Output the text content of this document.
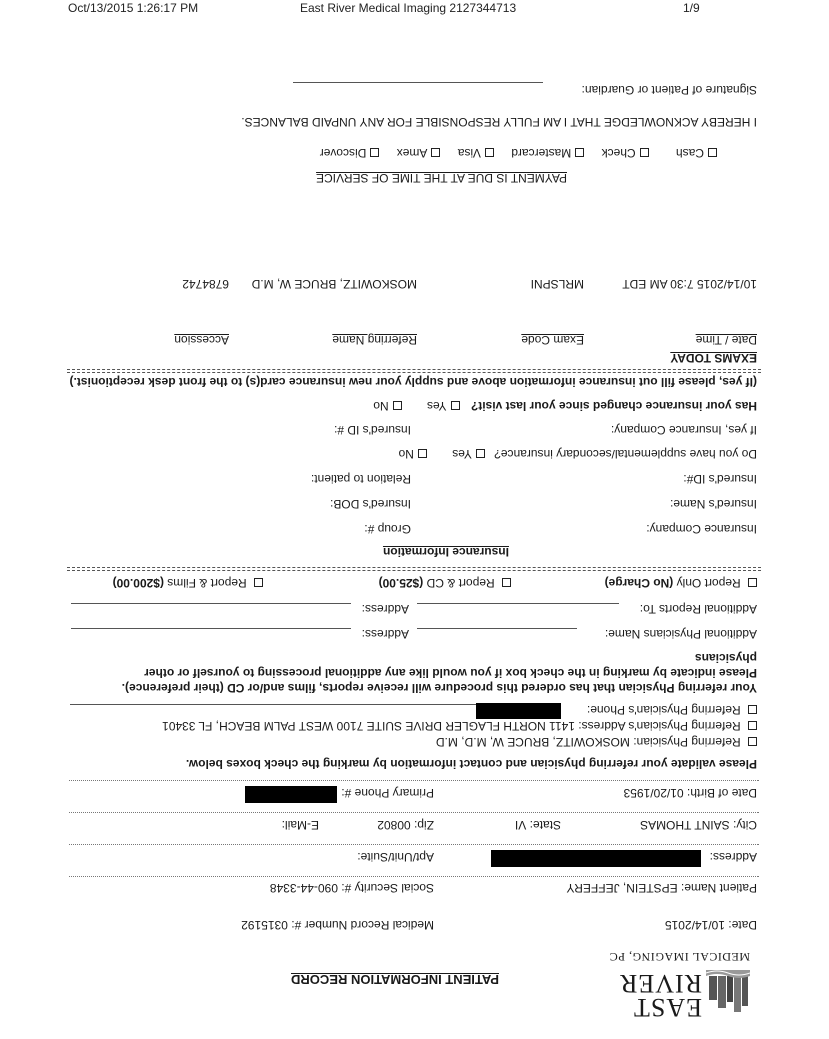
Oct/13/2015 1:26:17 PM	East River Medical Imaging 2127344713	1/9
EAST
RIVER
MEDICAL IMAGING, PC
PATIENT INFORMATION RECORD
Date: 10/14/2015
Medical Record Number #: 0315192
Patient Name: EPSTEIN, JEFFERY
Social Security #: 090-44-3348
Address:
Apt/Unit/Suite:
City: SAINT THOMAS
State: VI
Zip: 00802
E-Mail:
Date of Birth: 01/20/1953
Primary Phone #:
Please validate your referring physician and contact information by marking the check boxes below.
Referring Physician: MOSKOWITZ, BRUCE W, M.D, M.D
Referring Physician's Address: 1411 NORTH FLAGLER DRIVE SUITE 7100 WEST PALM BEACH, FL 33401
Referring Physician's Phone:
Your referring Physician that has ordered this procedure will receive reports, films and/or CD (their preference).
Please indicate by marking in the check box if you would like any additional processing to yourself or other
physicians
Additional Physicians Name:
Address:
Additional Reports To:
Address:
Report Only (No Charge)
Report & CD ($25.00)
Report & Films ($200.00)
Insurance Information
Insurance Company:
Group #:
Insured's Name:
Insured's DOB:
Insured's ID#:
Relation to patient:
Do you have supplemental/secondary insurance? Yes No
If yes, Insurance Company:
Insured's ID #:
Has your insurance changed since your last visit? Yes No
(If yes, please fill out insurance information above and supply your new insurance card(s) to the front desk receptionist.)
EXAMS TODAY
Date / Time
Exam Code
Referring Name
Accession
10/14/2015 7:30 AM EDT
MRLSPNI
MOSKOWITZ, BRUCE W, M.D
6784742
PAYMENT IS DUE AT THE TIME OF SERVICE
Cash Check Mastercard Visa Amex Discover
I HEREBY ACKNOWLEDGE THAT I AM FULLY RESPONSIBLE FOR ANY UNPAID BALANCES.
Signature of Patient or Guardian:
